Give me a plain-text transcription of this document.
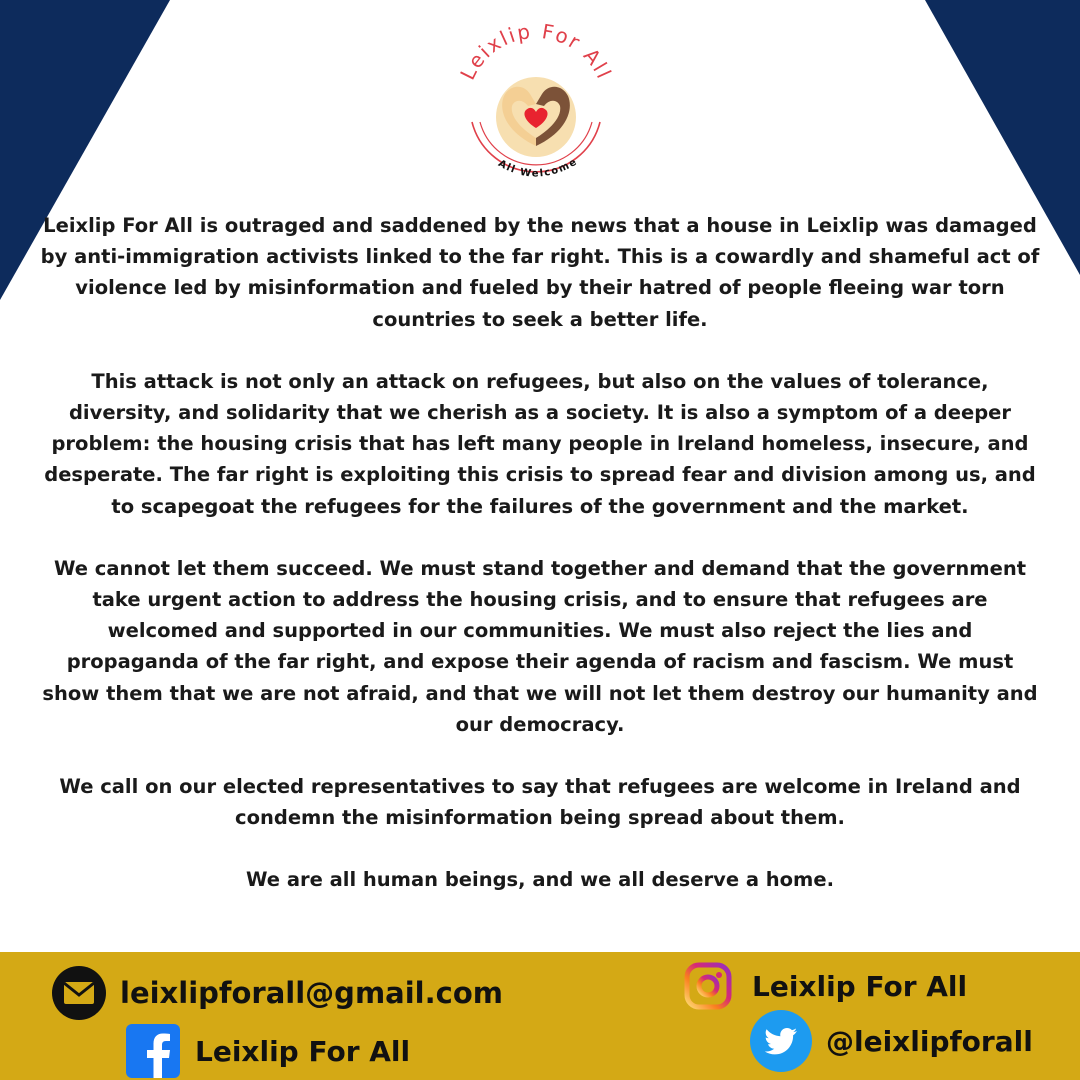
Leixlip For All
All Welcome

Leixlip For All is outraged and saddened by the news that a house in Leixlip was damaged by anti-immigration activists linked to the far right. This is a cowardly and shameful act of violence led by misinformation and fueled by their hatred of people fleeing war torn countries to seek a better life.

This attack is not only an attack on refugees, but also on the values of tolerance, diversity, and solidarity that we cherish as a society. It is also a symptom of a deeper problem: the housing crisis that has left many people in Ireland homeless, insecure, and desperate. The far right is exploiting this crisis to spread fear and division among us, and to scapegoat the refugees for the failures of the government and the market.

We cannot let them succeed. We must stand together and demand that the government take urgent action to address the housing crisis, and to ensure that refugees are welcomed and supported in our communities. We must also reject the lies and propaganda of the far right, and expose their agenda of racism and fascism. We must show them that we are not afraid, and that we will not let them destroy our humanity and our democracy.

We call on our elected representatives to say that refugees are welcome in Ireland and condemn the misinformation being spread about them.

We are all human beings, and we all deserve a home.

leixlipforall@gmail.com
Leixlip For All
Leixlip For All
@leixlipforall
